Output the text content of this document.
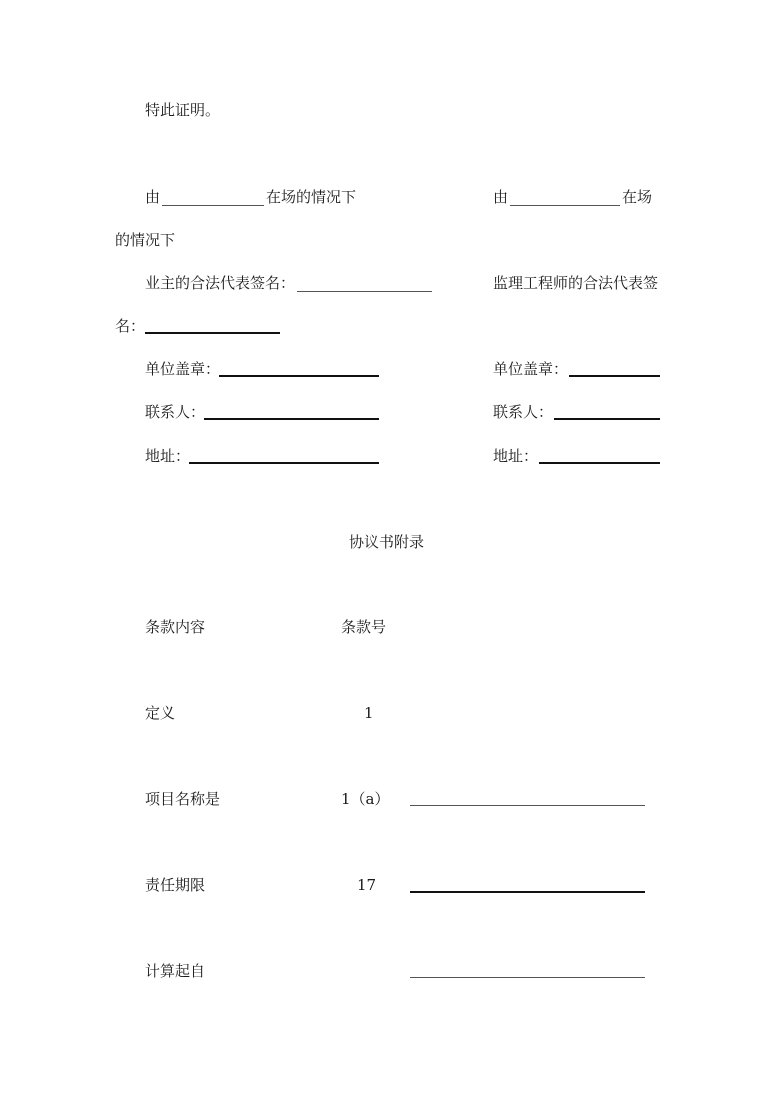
特此证明。
由	在场的情况下	由	在场
的情况下
业主的合法代表签名：	监理工程师的合法代表签
名：
单位盖章：	单位盖章：
联系人：	联系人：
地址：	地址：
协议书附录
条款内容	条款号
定义	1
项目名称是	1（a）
责任期限	17
计算起自
